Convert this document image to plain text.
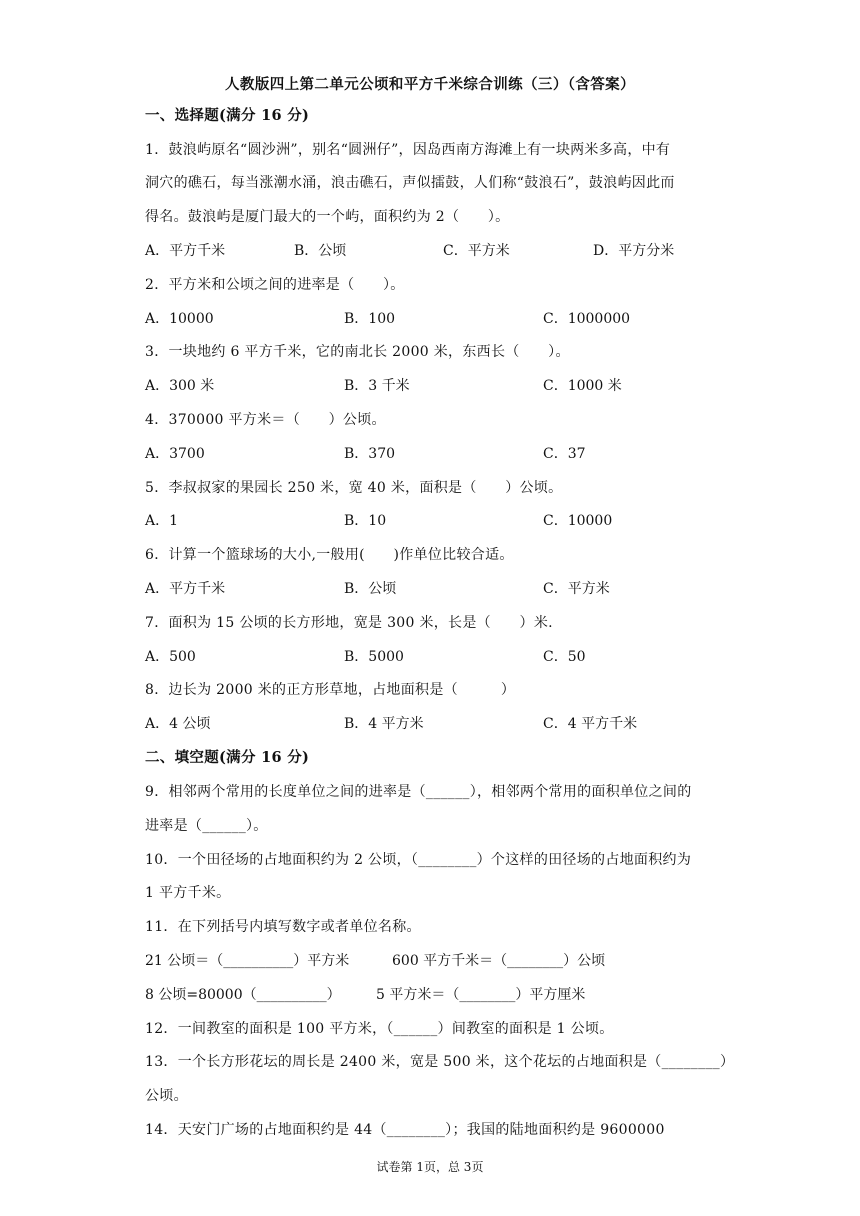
人教版四上第二单元公顷和平方千米综合训练（三）（含答案）
一、选择题(满分 16 分)
1．鼓浪屿原名“圆沙洲”，别名“圆洲仔”，因岛西南方海滩上有一块两米多高，中有
洞穴的礁石，每当涨潮水涌，浪击礁石，声似擂鼓，人们称“鼓浪石”，鼓浪屿因此而
得名。鼓浪屿是厦门最大的一个屿，面积约为 2（　　）。
A．平方千米	B．公顷	C．平方米	D．平方分米
2．平方米和公顷之间的进率是（　　）。
A．10000	B．100	C．1000000
3．一块地约 6 平方千米，它的南北长 2000 米，东西长（　　）。
A．300 米	B．3 千米	C．1000 米
4．370000 平方米＝（　　）公顷。
A．3700	B．370	C．37
5．李叔叔家的果园长 250 米，宽 40 米，面积是（　　）公顷。
A．1	B．10	C．10000
6．计算一个篮球场的大小,一般用(　　)作单位比较合适。
A．平方千米	B．公顷	C．平方米
7．面积为 15 公顷的长方形地，宽是 300 米，长是（　　）米.
A．500	B．5000	C．50
8．边长为 2000 米的正方形草地，占地面积是（　　　）
A．4 公顷	B．4 平方米	C．4 平方千米
二、填空题(满分 16 分)
9．相邻两个常用的长度单位之间的进率是（______），相邻两个常用的面积单位之间的
进率是（______）。
10．一个田径场的占地面积约为 2 公顷，（________）个这样的田径场的占地面积约为
1 平方千米。
11．在下列括号内填写数字或者单位名称。
21 公顷＝（__________）平方米	600 平方千米＝（________）公顷
8 公顷=80000（__________）	5 平方米＝（________）平方厘米
12．一间教室的面积是 100 平方米，（______）间教室的面积是 1 公顷。
13．一个长方形花坛的周长是 2400 米，宽是 500 米，这个花坛的占地面积是（________）
公顷。
14．天安门广场的占地面积约是 44（________）；我国的陆地面积约是 9600000
试卷第 1页，总 3页
